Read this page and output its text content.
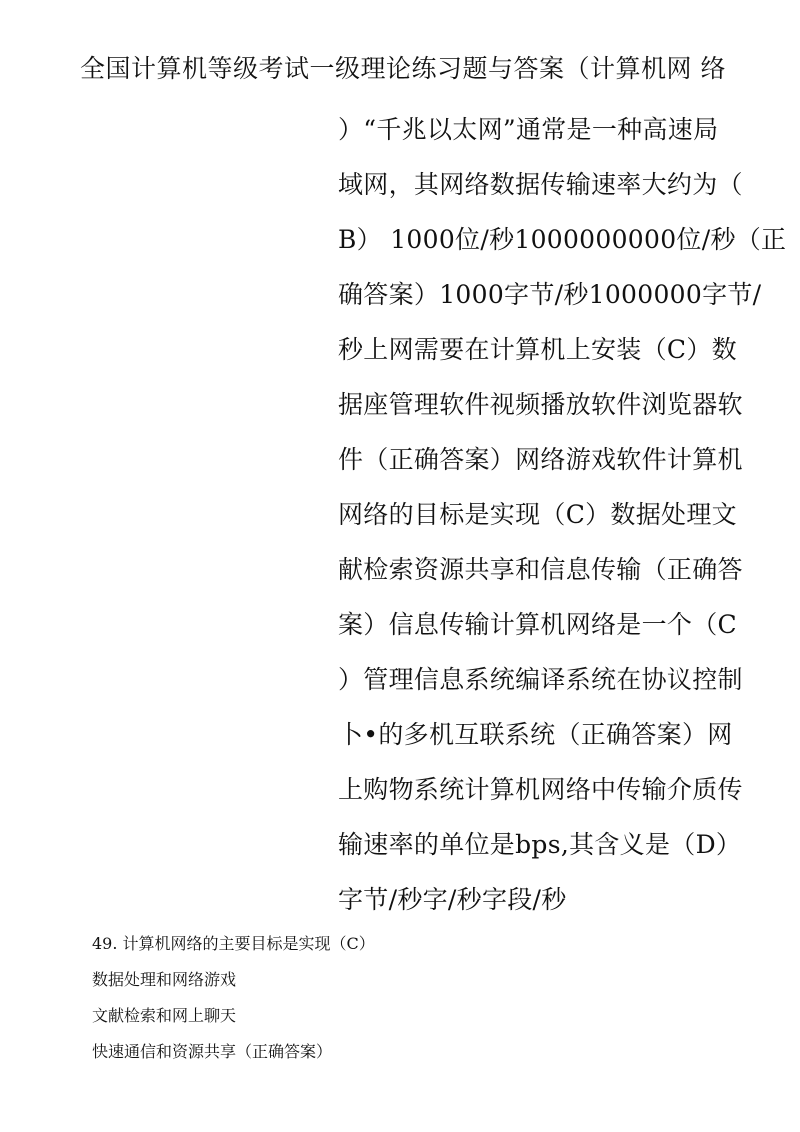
全国计算机等级考试一级理论练习题与答案（计算机网 络
）“千兆以太网”通常是一种高速局
域网，其网络数据传输速率大约为（
B） 1000位/秒1000000000位/秒（正
确答案）1000字节/秒1000000字节/
秒上网需要在计算机上安装（C）数
据座管理软件视频播放软件浏览器软
件（正确答案）网络游戏软件计算机
网络的目标是实现（C）数据处理文
献检索资源共享和信息传输（正确答
案）信息传输计算机网络是一个（C
）管理信息系统编译系统在协议控制
卜•的多机互联系统（正确答案）网
上购物系统计算机网络中传输介质传
输速率的单位是bps,其含义是（D）
字节/秒字/秒字段/秒
49. 计算机网络的主要目标是实现（C）
数据处理和网络游戏
文献检索和网上聊天
快速通信和资源共享（正确答案）
